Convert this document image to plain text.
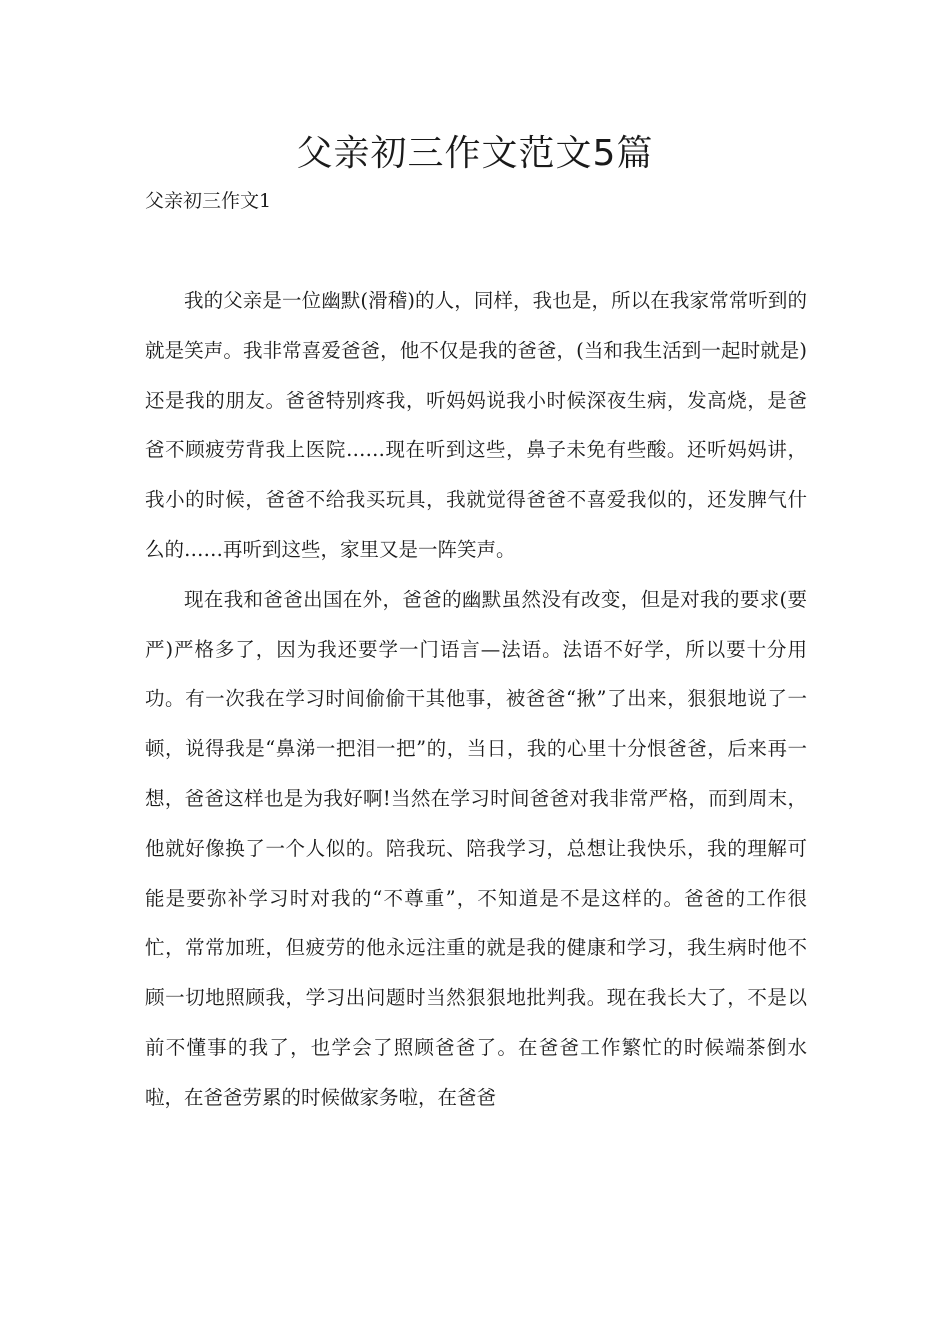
父亲初三作文范文5篇
父亲初三作文1

我的父亲是一位幽默(滑稽)的人，同样，我也是，所以在我家常常听到的就是笑声。我非常喜爱爸爸，他不仅是我的爸爸，(当和我生活到一起时就是)还是我的朋友。爸爸特别疼我，听妈妈说我小时候深夜生病，发高烧，是爸爸不顾疲劳背我上医院……现在听到这些，鼻子未免有些酸。还听妈妈讲，我小的时候，爸爸不给我买玩具，我就觉得爸爸不喜爱我似的，还发脾气什么的……再听到这些，家里又是一阵笑声。

现在我和爸爸出国在外，爸爸的幽默虽然没有改变，但是对我的要求(要严)严格多了，因为我还要学一门语言—法语。法语不好学，所以要十分用功。有一次我在学习时间偷偷干其他事，被爸爸“揪”了出来，狠狠地说了一顿，说得我是“鼻涕一把泪一把”的，当日，我的心里十分恨爸爸，后来再一想，爸爸这样也是为我好啊!当然在学习时间爸爸对我非常严格，而到周末，他就好像换了一个人似的。陪我玩、陪我学习，总想让我快乐，我的理解可能是要弥补学习时对我的“不尊重”，不知道是不是这样的。爸爸的工作很忙，常常加班，但疲劳的他永远注重的就是我的健康和学习，我生病时他不顾一切地照顾我，学习出问题时当然狠狠地批判我。现在我长大了，不是以前不懂事的我了，也学会了照顾爸爸了。在爸爸工作繁忙的时候端茶倒水啦，在爸爸劳累的时候做家务啦，在爸爸
